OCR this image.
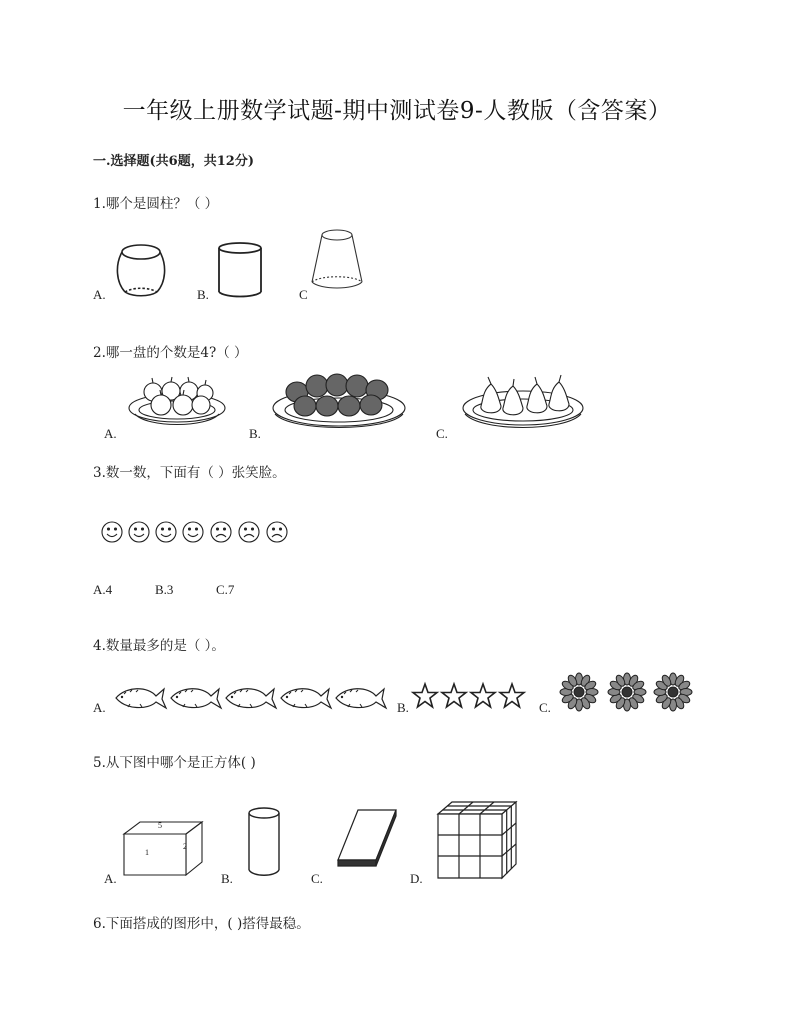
一年级上册数学试题-期中测试卷9-人教版（含答案）
一.选择题(共6题，共12分)
1.哪个是圆柱？（ ）
A.	B.	C
2.哪一盘的个数是4?（ ）
A.	B.	C.
3.数一数，下面有（ ）张笑脸。
A.4	B.3	C.7
4.数量最多的是（ ）。
A.	B.	C.
5.从下图中哪个是正方体( )
A.	B.	C.	D.
5
1
2
6.下面搭成的图形中，( )搭得最稳。
